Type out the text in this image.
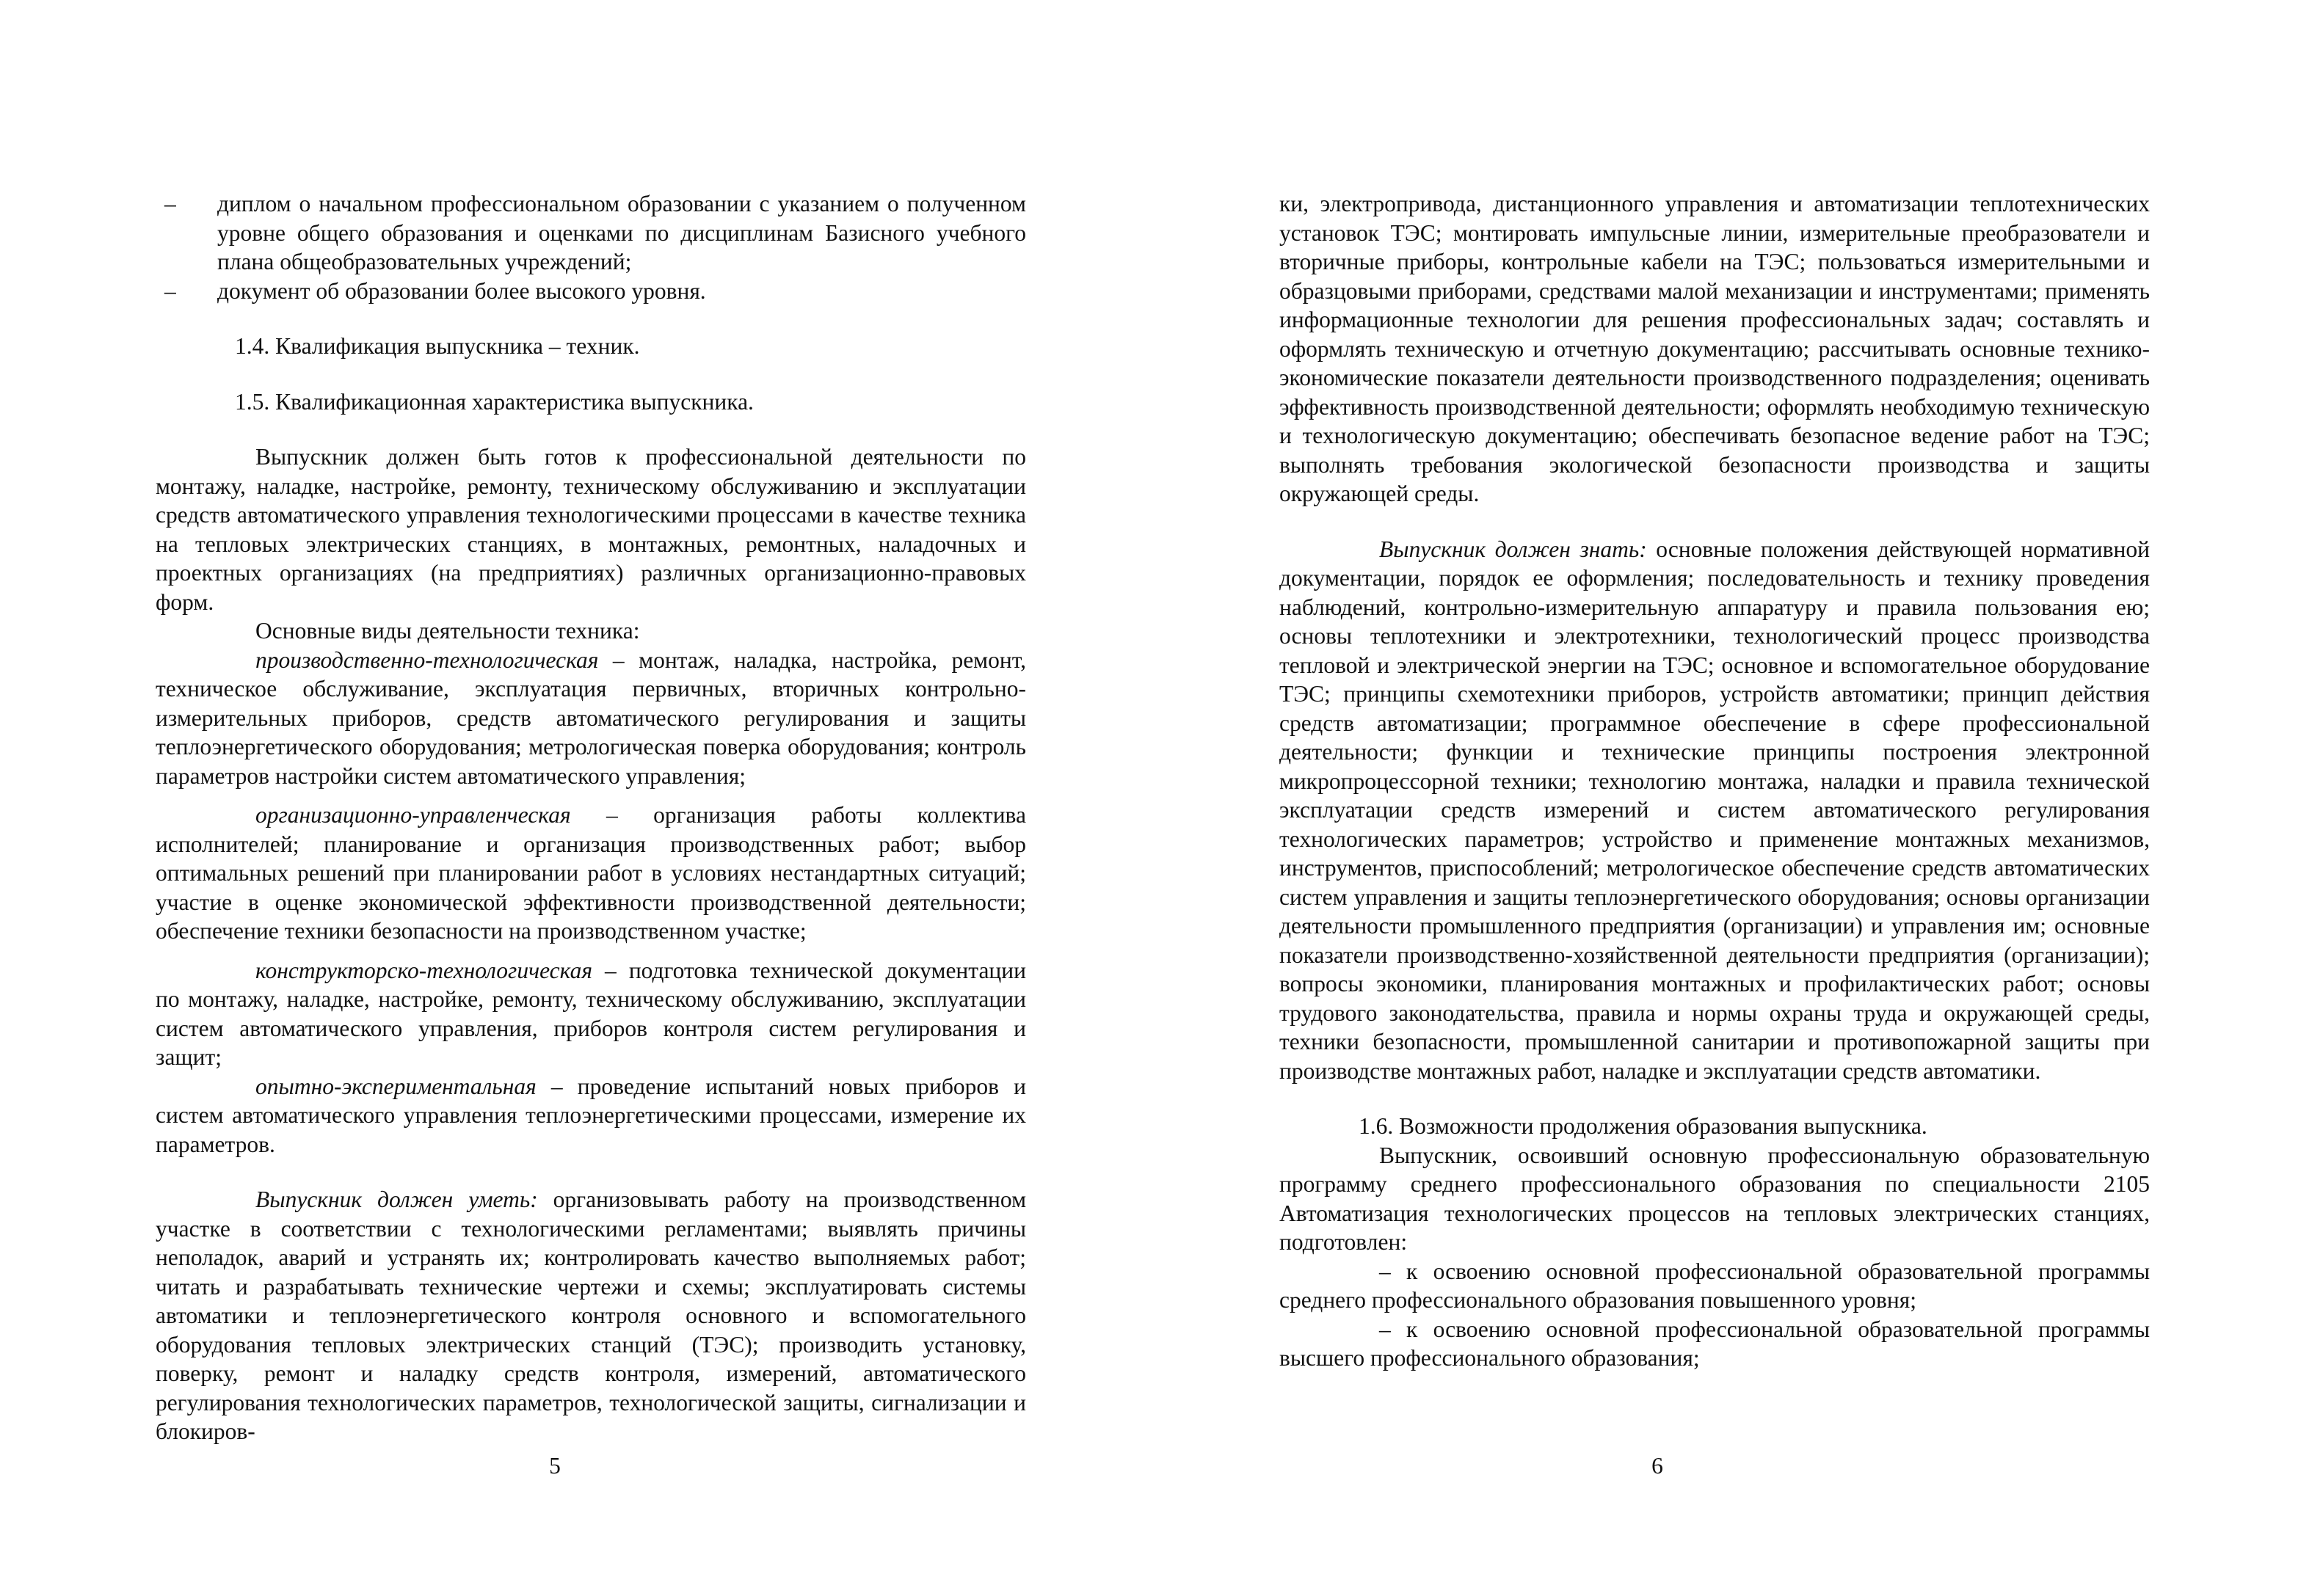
– диплом о начальном профессиональном образовании с указанием о полученном уровне общего образования и оценками по дисциплинам Базисного учебного плана общеобразовательных учреждений;

– документ об образовании более высокого уровня.

1.4. Квалификация выпускника – техник.

1.5. Квалификационная характеристика выпускника.

Выпускник должен быть готов к профессиональной деятельности по монтажу, наладке, настройке, ремонту, техническому обслуживанию и эксплуатации средств автоматического управления технологическими процессами в качестве техника на тепловых электрических станциях, в монтажных, ремонтных, наладочных и проектных организациях (на предприятиях) различных организационно-правовых форм.

Основные виды деятельности техника:

производственно-технологическая – монтаж, наладка, настройка, ремонт, техническое обслуживание, эксплуатация первичных, вторичных контрольно-измерительных приборов, средств автоматического регулирования и защиты теплоэнергетического оборудования; метрологическая поверка оборудования; контроль параметров настройки систем автоматического управления;

организационно-управленческая – организация работы коллектива исполнителей; планирование и организация производственных работ; выбор оптимальных решений при планировании работ в условиях нестандартных ситуаций; участие в оценке экономической эффективности производственной деятельности; обеспечение техники безопасности на производственном участке;

конструкторско-технологическая – подготовка технической документации по монтажу, наладке, настройке, ремонту, техническому обслуживанию, эксплуатации систем автоматического управления, приборов контроля систем регулирования и защит;

опытно-экспериментальная – проведение испытаний новых приборов и систем автоматического управления теплоэнергетическими процессами, измерение их параметров.

Выпускник должен уметь: организовывать работу на производственном участке в соответствии с технологическими регламентами; выявлять причины неполадок, аварий и устранять их; контролировать качество выполняемых работ; читать и разрабатывать технические чертежи и схемы; эксплуатировать системы автоматики и теплоэнергетического контроля основного и вспомогательного оборудования тепловых электрических станций (ТЭС); производить установку, поверку, ремонт и наладку средств контроля, измерений, автоматического регулирования технологических параметров, технологической защиты, сигнализации и блокиров-

5

ки, электропривода, дистанционного управления и автоматизации теплотехнических установок ТЭС; монтировать импульсные линии, измерительные преобразователи и вторичные приборы, контрольные кабели на ТЭС; пользоваться измерительными и образцовыми приборами, средствами малой механизации и инструментами; применять информационные технологии для решения профессиональных задач; составлять и оформлять техническую и отчетную документацию; рассчитывать основные технико-экономические показатели деятельности производственного подразделения; оценивать эффективность производственной деятельности; оформлять необходимую техническую и технологическую документацию; обеспечивать безопасное ведение работ на ТЭС; выполнять требования экологической безопасности производства и защиты окружающей среды.

Выпускник должен знать: основные положения действующей нормативной документации, порядок ее оформления; последовательность и технику проведения наблюдений, контрольно-измерительную аппаратуру и правила пользования ею; основы теплотехники и электротехники, технологический процесс производства тепловой и электрической энергии на ТЭС; основное и вспомогательное оборудование ТЭС; принципы схемотехники приборов, устройств автоматики; принцип действия средств автоматизации; программное обеспечение в сфере профессиональной деятельности; функции и технические принципы построения электронной микропроцессорной техники; технологию монтажа, наладки и правила технической эксплуатации средств измерений и систем автоматического регулирования технологических параметров; устройство и применение монтажных механизмов, инструментов, приспособлений; метрологическое обеспечение средств автоматических систем управления и защиты теплоэнергетического оборудования; основы организации деятельности промышленного предприятия (организации) и управления им; основные показатели производственно-хозяйственной деятельности предприятия (организации); вопросы экономики, планирования монтажных и профилактических работ; основы трудового законодательства, правила и нормы охраны труда и окружающей среды, техники безопасности, промышленной санитарии и противопожарной защиты при производстве монтажных работ, наладке и эксплуатации средств автоматики.

1.6. Возможности продолжения образования выпускника.

Выпускник, освоивший основную профессиональную образовательную программу среднего профессионального образования по специальности 2105 Автоматизация технологических процессов на тепловых электрических станциях, подготовлен:

– к освоению основной профессиональной образовательной программы среднего профессионального образования повышенного уровня;

– к освоению основной профессиональной образовательной программы высшего профессионального образования;

6
